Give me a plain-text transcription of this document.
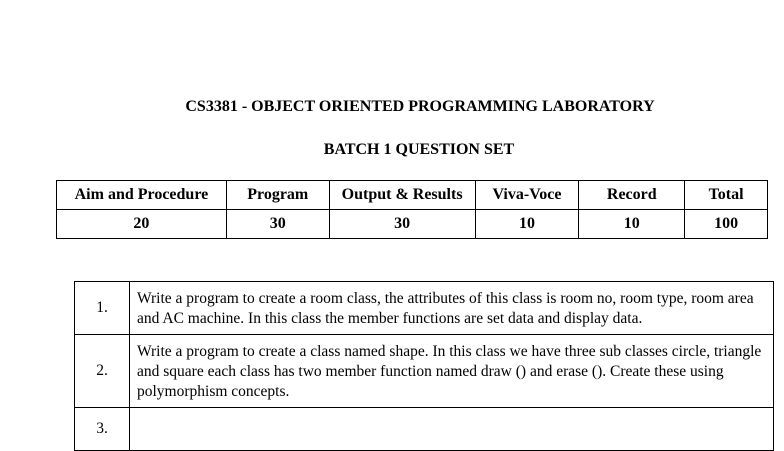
CS3381 - OBJECT ORIENTED PROGRAMMING LABORATORY
BATCH 1 QUESTION SET
Aim and Procedure	Program	Output & Results	Viva-Voce	Record	Total
20	30	30	10	10	100
1.	Write a program to create a room class, the attributes of this class is room no, room type, room area and AC machine. In this class the member functions are set data and display data.
2.	Write a program to create a class named shape. In this class we have three sub classes circle, triangle and square each class has two member function named draw () and erase (). Create these using polymorphism concepts.
3.	
